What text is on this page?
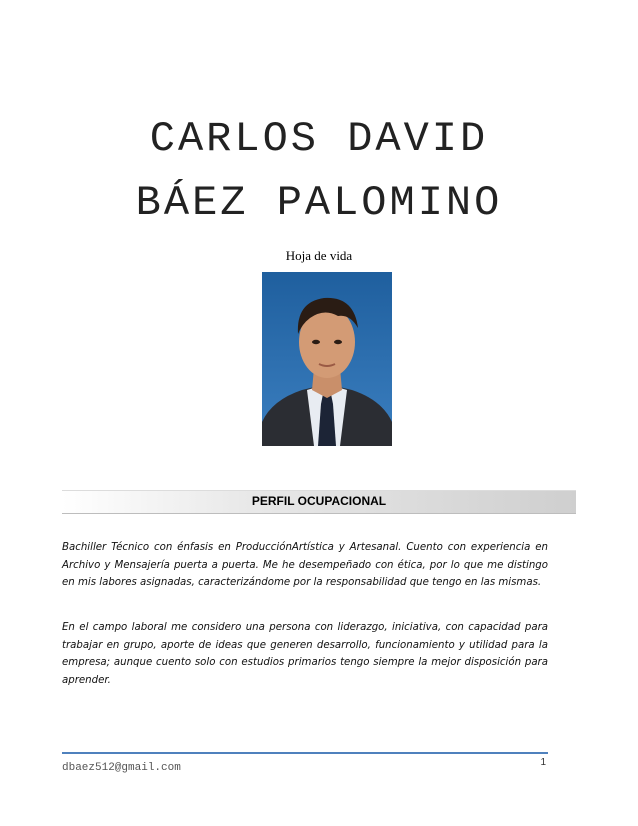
CARLOS DAVID
BÁEZ PALOMINO
Hoja de vida
PERFIL OCUPACIONAL

Bachiller Técnico con énfasis en ProducciónArtística y Artesanal. Cuento con experiencia en Archivo y Mensajería puerta a puerta. Me he desempeñado con ética, por lo que me distingo en mis labores asignadas, caracterizándome por la responsabilidad que tengo en las mismas.

En el campo laboral me considero una persona con liderazgo, iniciativa, con capacidad para trabajar en grupo, aporte de ideas que generen desarrollo, funcionamiento y utilidad para la empresa; aunque cuento solo con estudios primarios tengo siempre la mejor disposición para aprender.

dbaez512@gmail.com	1
